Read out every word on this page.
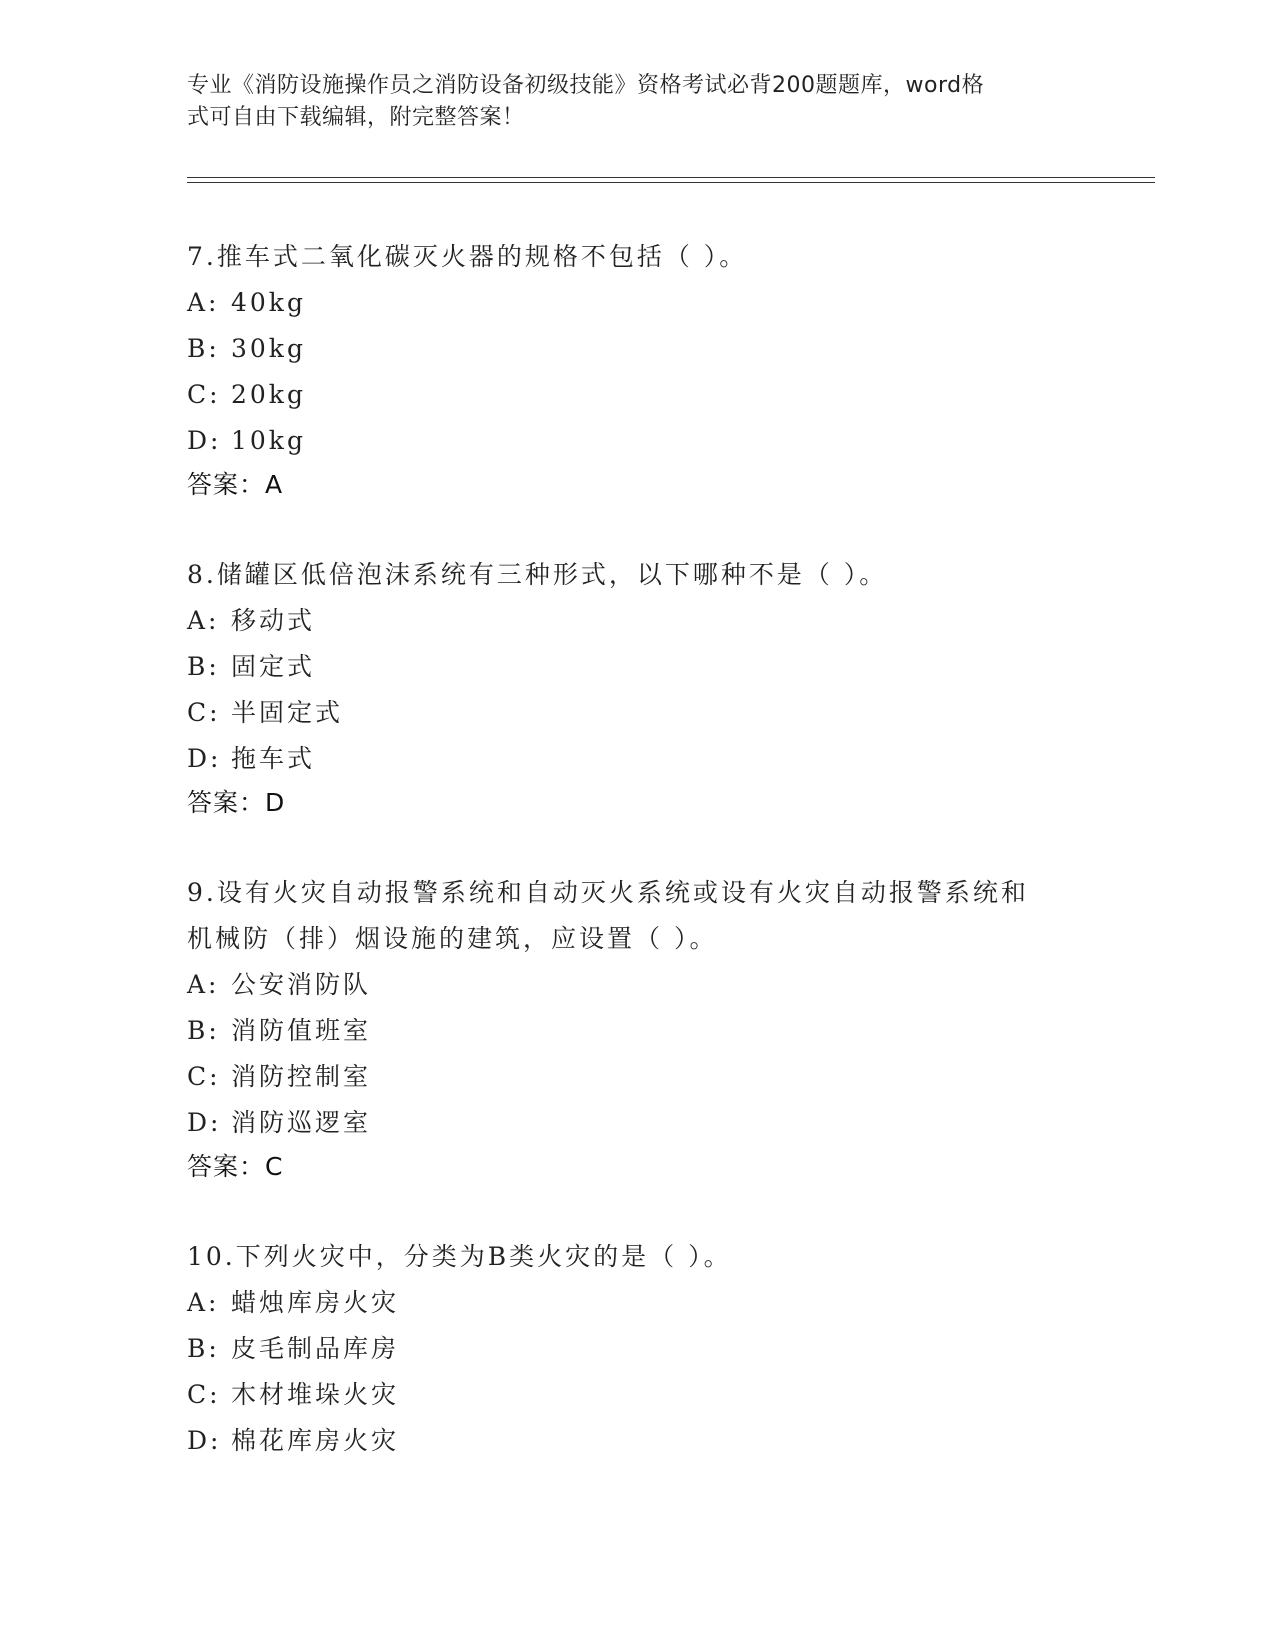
专业《消防设施操作员之消防设备初级技能》资格考试必背200题题库，word格
式可自由下载编辑，附完整答案！

7.推车式二氧化碳灭火器的规格不包括（ ）。

A: 40kg

B: 30kg

C: 20kg

D: 10kg

答案：A

8.储罐区低倍泡沫系统有三种形式，以下哪种不是（ ）。

A: 移动式

B: 固定式

C: 半固定式

D: 拖车式

答案：D

9.设有火灾自动报警系统和自动灭火系统或设有火灾自动报警系统和

机械防（排）烟设施的建筑，应设置（ ）。

A: 公安消防队

B: 消防值班室

C: 消防控制室

D: 消防巡逻室

答案：C

10.下列火灾中，分类为B类火灾的是（ ）。

A: 蜡烛库房火灾

B: 皮毛制品库房

C: 木材堆垛火灾

D: 棉花库房火灾
